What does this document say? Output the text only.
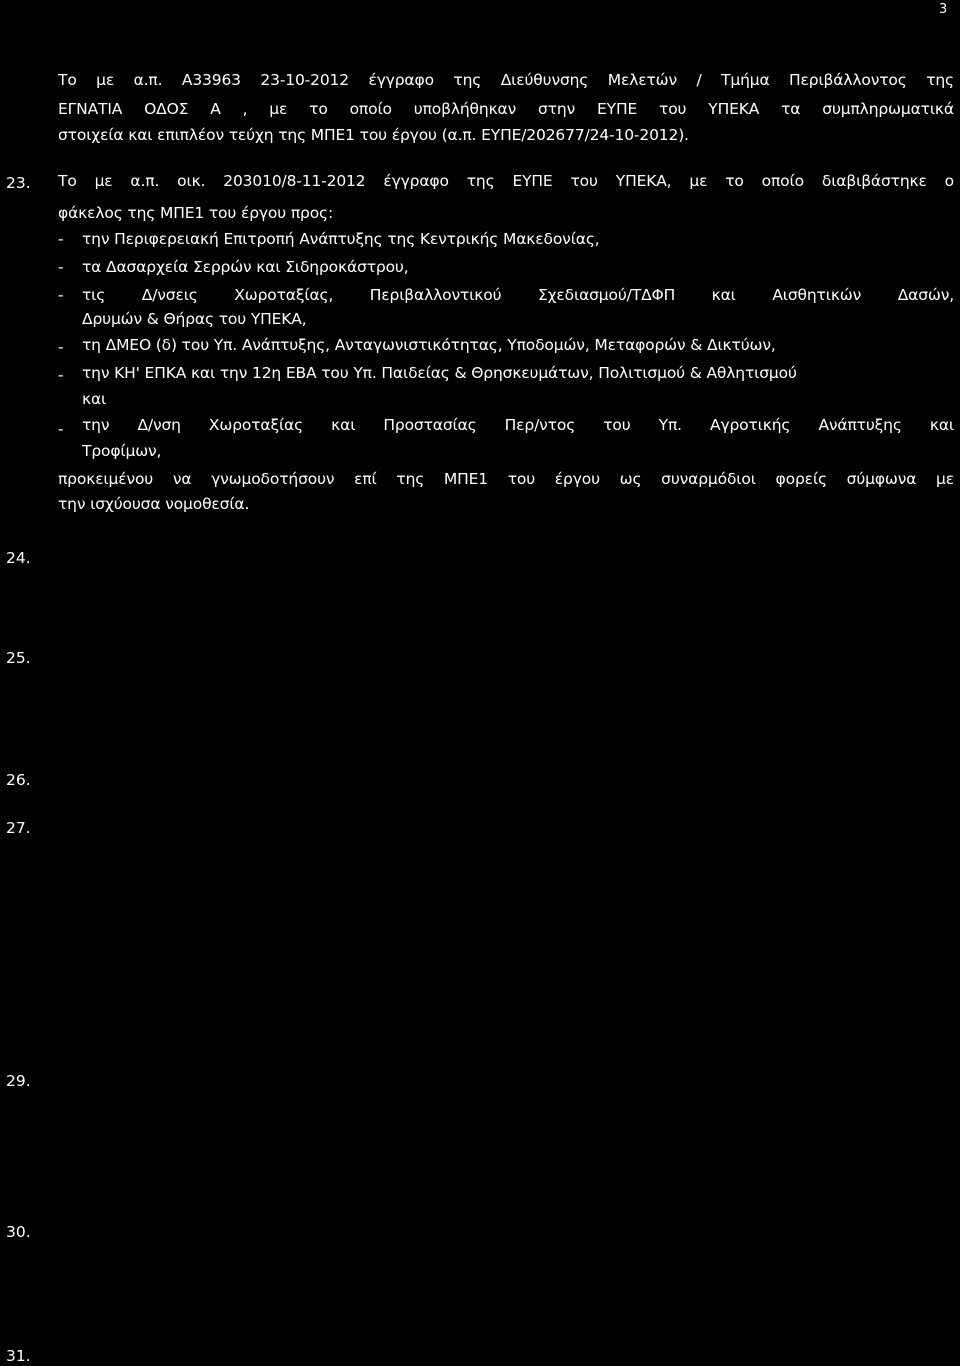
3
Το με α.π. Α33963 23-10-2012 έγγραφο της Διεύθυνσης Μελετών / Τμήμα Περιβάλλοντος της
ΕΓΝΑΤΙΑ ΟΔΟΣ Α , με το οποίο υποβλήθηκαν στην ΕΥΠΕ του ΥΠΕΚΑ τα συμπληρωματικά
στοιχεία και επιπλέον τεύχη της ΜΠΕ1 του έργου (α.π. ΕΥΠΕ/202677/24-10-2012).
23. Το με α.π. οικ. 203010/8-11-2012 έγγραφο της ΕΥΠΕ του ΥΠΕΚΑ, με το οποίο διαβιβάστηκε ο
φάκελος της ΜΠΕ1 του έργου προς:
- την Περιφερειακή Επιτροπή Ανάπτυξης της Κεντρικής Μακεδονίας,
- τα Δασαρχεία Σερρών και Σιδηροκάστρου,
- τις Δ/νσεις Χωροταξίας, Περιβαλλοντικού Σχεδιασμού/ΤΔΦΠ και Αισθητικών Δασών,
Δρυμών & Θήρας του ΥΠΕΚΑ,
- τη ΔΜΕΟ (δ) του Υπ. Ανάπτυξης, Ανταγωνιστικότητας, Υποδομών, Μεταφορών & Δικτύων,
- την ΚΗ' ΕΠΚΑ και την 12η ΕΒΑ του Υπ. Παιδείας & Θρησκευμάτων, Πολιτισμού & Αθλητισμού
και
- την Δ/νση Χωροταξίας και Προστασίας Περ/ντος του Υπ. Αγροτικής Ανάπτυξης και
Τροφίμων,
προκειμένου να γνωμοδοτήσουν επί της ΜΠΕ1 του έργου ως συναρμόδιοι φορείς σύμφωνα με
την ισχύουσα νομοθεσία.
24.
25.
26.
27.
29.
30.
31.
